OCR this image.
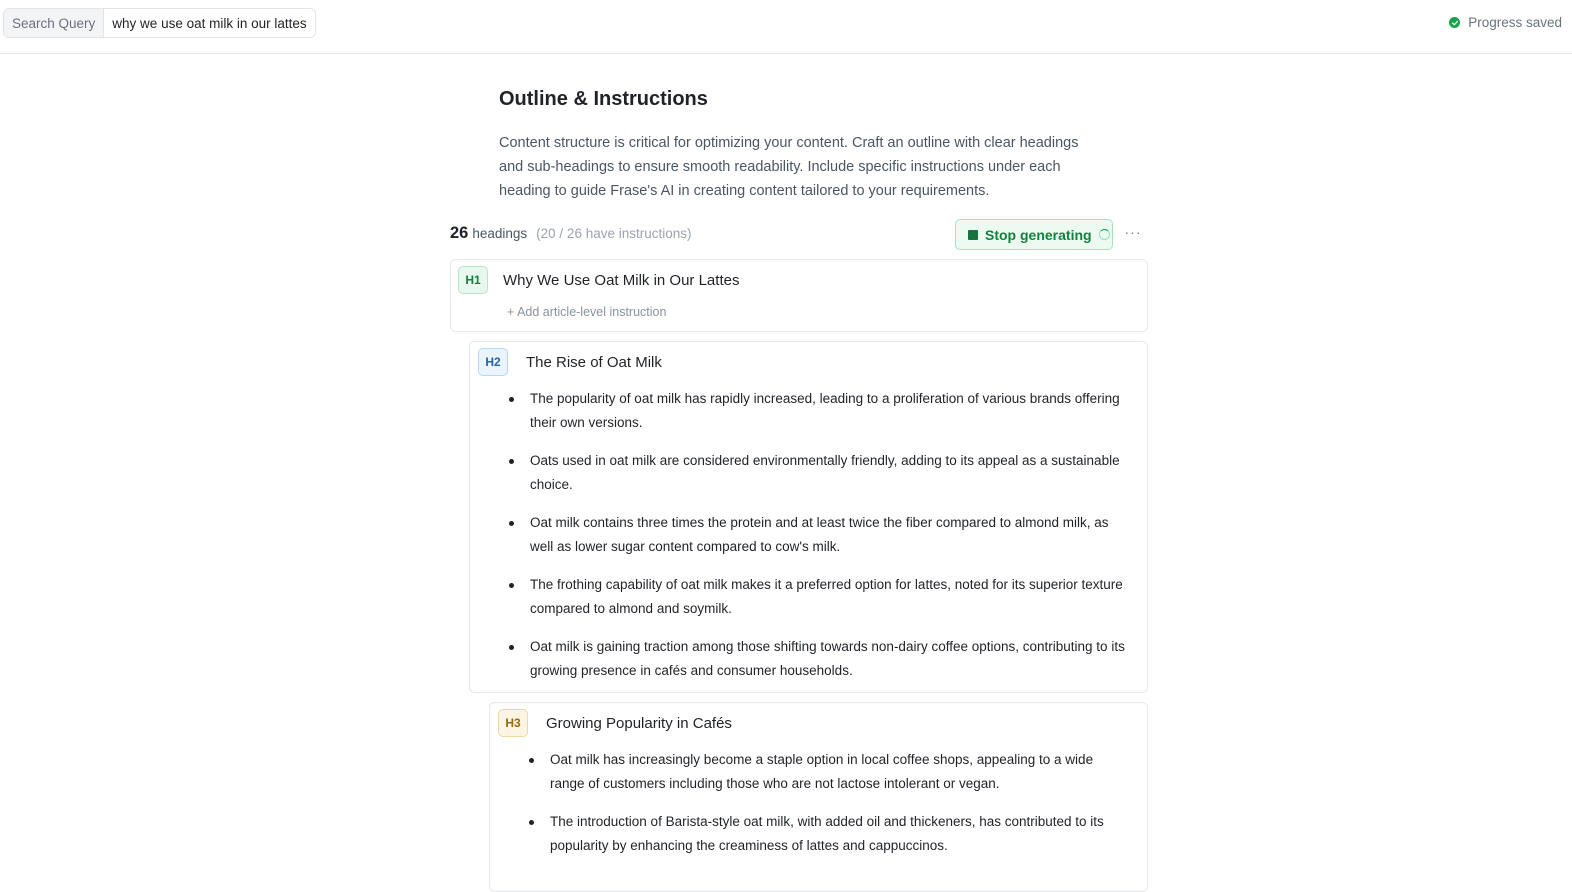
Search Query	why we use oat milk in our lattes	Progress saved
Outline & Instructions
Content structure is critical for optimizing your content. Craft an outline with clear headings and sub-headings to ensure smooth readability. Include specific instructions under each heading to guide Frase's AI in creating content tailored to your requirements.
26 headings (20 / 26 have instructions)	Stop generating ···
H1	Why We Use Oat Milk in Our Lattes
+ Add article-level instruction
H2	The Rise of Oat Milk
The popularity of oat milk has rapidly increased, leading to a proliferation of various brands offering their own versions.
Oats used in oat milk are considered environmentally friendly, adding to its appeal as a sustainable choice.
Oat milk contains three times the protein and at least twice the fiber compared to almond milk, as well as lower sugar content compared to cow's milk.
The frothing capability of oat milk makes it a preferred option for lattes, noted for its superior texture compared to almond and soymilk.
Oat milk is gaining traction among those shifting towards non-dairy coffee options, contributing to its growing presence in cafés and consumer households.
H3	Growing Popularity in Cafés
Oat milk has increasingly become a staple option in local coffee shops, appealing to a wide range of customers including those who are not lactose intolerant or vegan.
The introduction of Barista-style oat milk, with added oil and thickeners, has contributed to its popularity by enhancing the creaminess of lattes and cappuccinos.
